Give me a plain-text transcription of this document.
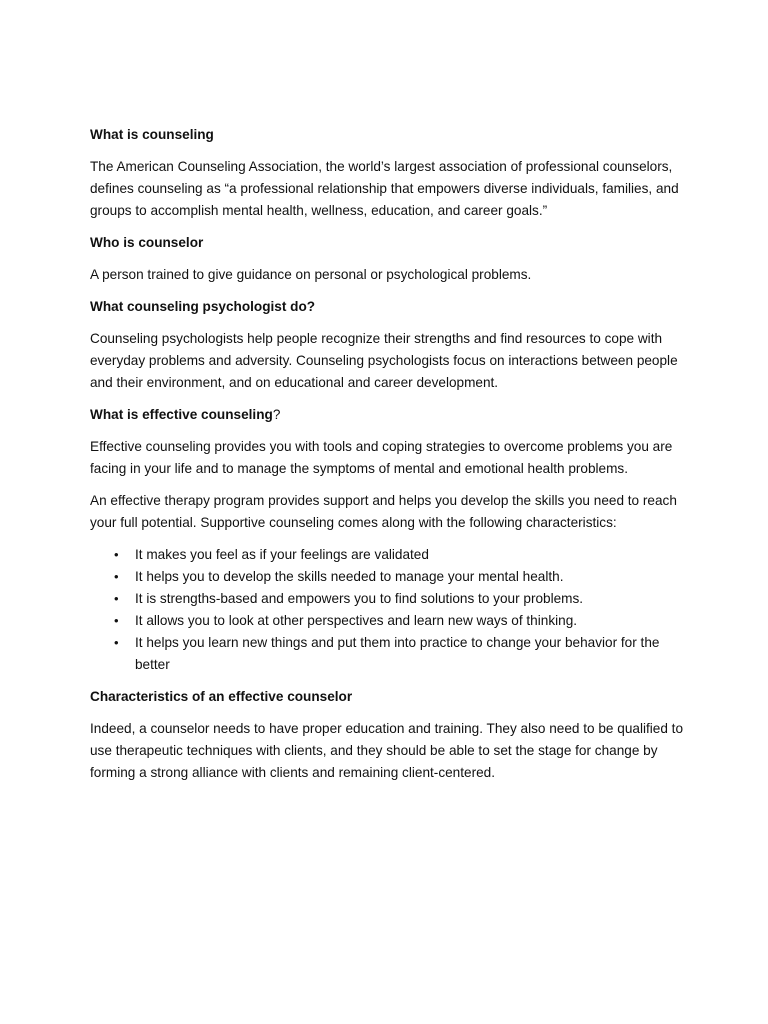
What is counseling

The American Counseling Association, the world’s largest association of professional counselors, defines counseling as “a professional relationship that empowers diverse individuals, families, and groups to accomplish mental health, wellness, education, and career goals.”

Who is counselor

A person trained to give guidance on personal or psychological problems.

What counseling psychologist do?

Counseling psychologists help people recognize their strengths and find resources to cope with everyday problems and adversity. Counseling psychologists focus on interactions between people and their environment, and on educational and career development.

What is effective counseling?

Effective counseling provides you with tools and coping strategies to overcome problems you are facing in your life and to manage the symptoms of mental and emotional health problems.

An effective therapy program provides support and helps you develop the skills you need to reach your full potential. Supportive counseling comes along with the following characteristics:

• It makes you feel as if your feelings are validated
• It helps you to develop the skills needed to manage your mental health.
• It is strengths-based and empowers you to find solutions to your problems.
• It allows you to look at other perspectives and learn new ways of thinking.
• It helps you learn new things and put them into practice to change your behavior for the better

Characteristics of an effective counselor

Indeed, a counselor needs to have proper education and training. They also need to be qualified to use therapeutic techniques with clients, and they should be able to set the stage for change by forming a strong alliance with clients and remaining client-centered.
